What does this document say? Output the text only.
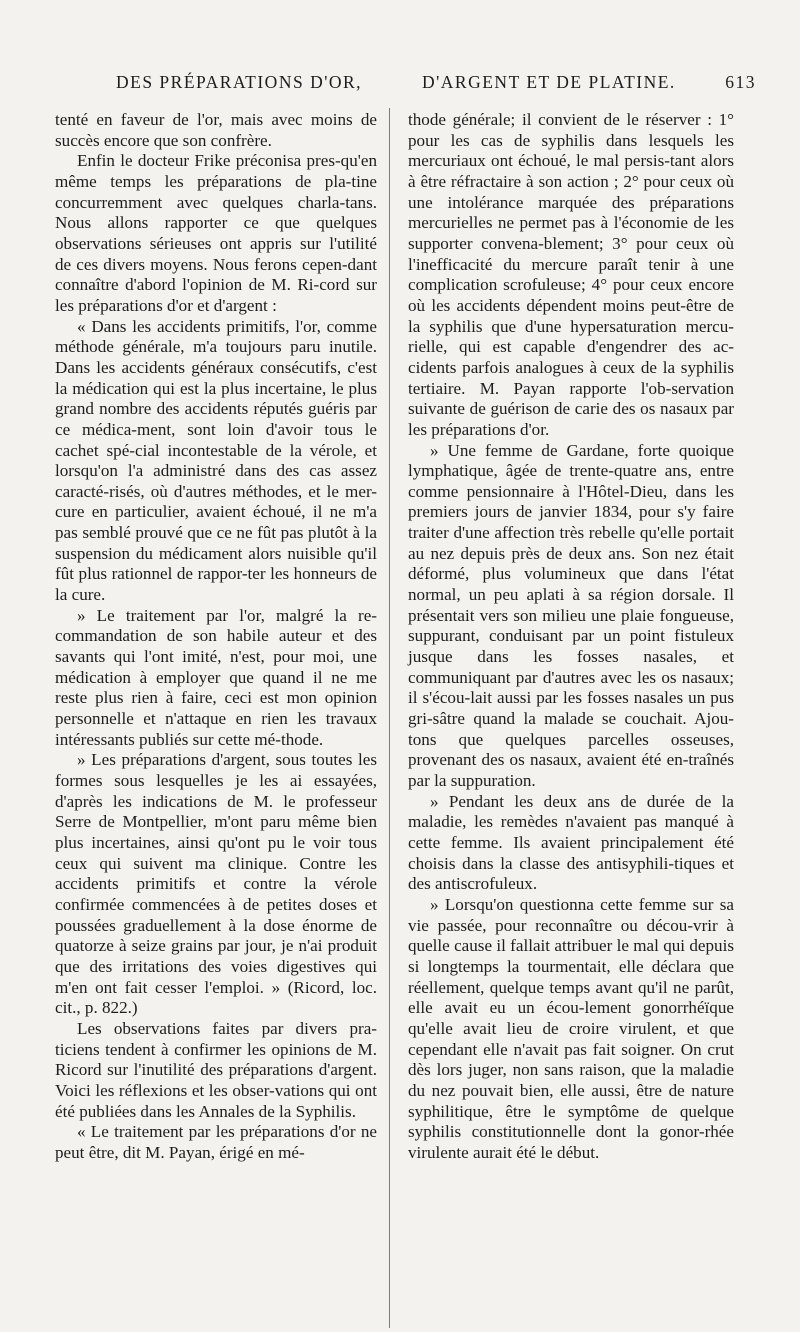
DES PRÉPARATIONS D'OR,	D'ARGENT ET DE PLATINE.	613

tenté en faveur de l'or, mais avec moins de succès encore que son confrère.

Enfin le docteur Frike préconisa pres-qu'en même temps les préparations de pla-tine concurremment avec quelques charla-tans. Nous allons rapporter ce que quelques observations sérieuses ont appris sur l'utilité de ces divers moyens. Nous ferons cepen-dant connaître d'abord l'opinion de M. Ri-cord sur les préparations d'or et d'argent :

« Dans les accidents primitifs, l'or, comme méthode générale, m'a toujours paru inutile. Dans les accidents généraux consécutifs, c'est la médication qui est la plus incertaine, le plus grand nombre des accidents réputés guéris par ce médica-ment, sont loin d'avoir tous le cachet spé-cial incontestable de la vérole, et lorsqu'on l'a administré dans des cas assez caracté-risés, où d'autres méthodes, et le mer-cure en particulier, avaient échoué, il ne m'a pas semblé prouvé que ce ne fût pas plutôt à la suspension du médicament alors nuisible qu'il fût plus rationnel de rappor-ter les honneurs de la cure.

» Le traitement par l'or, malgré la re-commandation de son habile auteur et des savants qui l'ont imité, n'est, pour moi, une médication à employer que quand il ne me reste plus rien à faire, ceci est mon opinion personnelle et n'attaque en rien les travaux intéressants publiés sur cette mé-thode.

» Les préparations d'argent, sous toutes les formes sous lesquelles je les ai essayées, d'après les indications de M. le professeur Serre de Montpellier, m'ont paru même bien plus incertaines, ainsi qu'ont pu le voir tous ceux qui suivent ma clinique. Contre les accidents primitifs et contre la vérole confirmée commencées à de petites doses et poussées graduellement à la dose énorme de quatorze à seize grains par jour, je n'ai produit que des irritations des voies digestives qui m'en ont fait cesser l'emploi. » (Ricord, loc. cit., p. 822.)

Les observations faites par divers pra-ticiens tendent à confirmer les opinions de M. Ricord sur l'inutilité des préparations d'argent. Voici les réflexions et les obser-vations qui ont été publiées dans les Annales de la Syphilis.

« Le traitement par les préparations d'or ne peut être, dit M. Payan, érigé en mé-

thode générale; il convient de le réserver : 1° pour les cas de syphilis dans lesquels les mercuriaux ont échoué, le mal persis-tant alors à être réfractaire à son action ; 2° pour ceux où une intolérance marquée des préparations mercurielles ne permet pas à l'économie de les supporter convena-blement; 3° pour ceux où l'inefficacité du mercure paraît tenir à une complication scrofuleuse; 4° pour ceux encore où les accidents dépendent moins peut-être de la syphilis que d'une hypersaturation mercu-rielle, qui est capable d'engendrer des ac-cidents parfois analogues à ceux de la syphilis tertiaire. M. Payan rapporte l'ob-servation suivante de guérison de carie des os nasaux par les préparations d'or.

» Une femme de Gardane, forte quoique lymphatique, âgée de trente-quatre ans, entre comme pensionnaire à l'Hôtel-Dieu, dans les premiers jours de janvier 1834, pour s'y faire traiter d'une affection très rebelle qu'elle portait au nez depuis près de deux ans. Son nez était déformé, plus volumineux que dans l'état normal, un peu aplati à sa région dorsale. Il présentait vers son milieu une plaie fongueuse, suppurant, conduisant par un point fistuleux jusque dans les fosses nasales, et communiquant par d'autres avec les os nasaux; il s'écou-lait aussi par les fosses nasales un pus gri-sâtre quand la malade se couchait. Ajou-tons que quelques parcelles osseuses, provenant des os nasaux, avaient été en-traînés par la suppuration.

» Pendant les deux ans de durée de la maladie, les remèdes n'avaient pas manqué à cette femme. Ils avaient principalement été choisis dans la classe des antisyphili-tiques et des antiscrofuleux.

» Lorsqu'on questionna cette femme sur sa vie passée, pour reconnaître ou décou-vrir à quelle cause il fallait attribuer le mal qui depuis si longtemps la tourmentait, elle déclara que réellement, quelque temps avant qu'il ne parût, elle avait eu un écou-lement gonorrhéïque qu'elle avait lieu de croire virulent, et que cependant elle n'avait pas fait soigner. On crut dès lors juger, non sans raison, que la maladie du nez pouvait bien, elle aussi, être de nature syphilitique, être le symptôme de quelque syphilis constitutionnelle dont la gonor-rhée virulente aurait été le début.
